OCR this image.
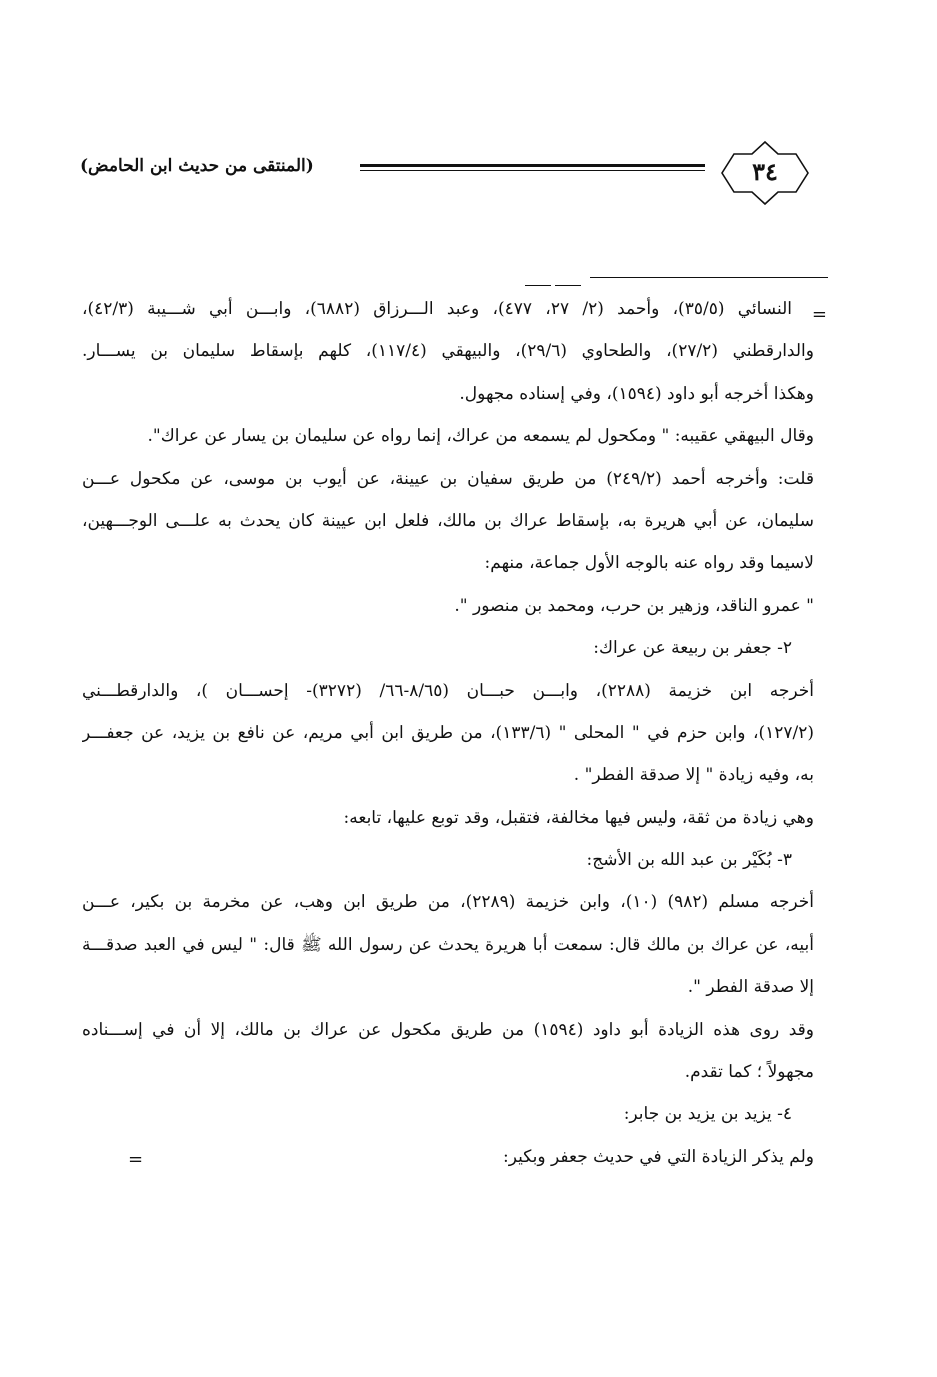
(المنتقى من حديث ابن الحامض)	٣٤
=
النسائي (٣٥/٥)، وأحمد (٢/ ٢٧، ٤٧٧)، وعبد الـــرزاق (٦٨٨٢)، وابـــن أبي شـــيبة (٤٢/٣)،
والدارقطني (٢٧/٢)، والطحاوي (٢٩/٦)، والبيهقي (١١٧/٤)، كلهم بإسقاط سليمان بن يســـار.
وهكذا أخرجه أبو داود (١٥٩٤)، وفي إسناده مجهول.
وقال البيهقي عقيبه: " ومكحول لم يسمعه من عراك، إنما رواه عن سليمان بن يسار عن عراك".
قلت: وأخرجه أحمد (٢٤٩/٢) من طريق سفيان بن عيينة، عن أيوب بن موسى، عن مكحول عـــن
سليمان، عن أبي هريرة به، بإسقاط عراك بن مالك، فلعل ابن عيينة كان يحدث به علـــى الوجـــهين،
لاسيما وقد رواه عنه بالوجه الأول جماعة، منهم:
" عمرو الناقد، وزهير بن حرب، ومحمد بن منصور ".
٢- جعفر بن ربيعة عن عراك:
أخرجه ابن خزيمة (٢٢٨٨)، وابـــن حبـــان (٨/٦٥-٦٦/ (٣٢٧٢)- إحســـان )، والدارقطـــني
(١٢٧/٢)، وابن حزم في " المحلى " (١٣٣/٦)، من طريق ابن أبي مريم، عن نافع بن يزيد، عن جعفـــر
به، وفيه زيادة " إلا صدقة الفطر" .
وهي زيادة من ثقة، وليس فيها مخالفة، فتقبل، وقد توبع عليها، تابعه:
٣- بُكَيْر بن عبد الله بن الأشج:
أخرجه مسلم (٩٨٢) (١٠)، وابن خزيمة (٢٢٨٩)، من طريق ابن وهب، عن مخرمة بن بكير، عـــن
أبيه، عن عراك بن مالك قال: سمعت أبا هريرة يحدث عن رسول الله ﷺ قال: " ليس في العبد صدقـــة
إلا صدقة الفطر ".
وقد روى هذه الزيادة أبو داود (١٥٩٤) من طريق مكحول عن عراك بن مالك، إلا أن في إســـناده
مجهولاً ؛ كما تقدم.
٤- يزيد بن يزيد بن جابر:
ولم يذكر الزيادة التي في حديث جعفر وبكير:
=
